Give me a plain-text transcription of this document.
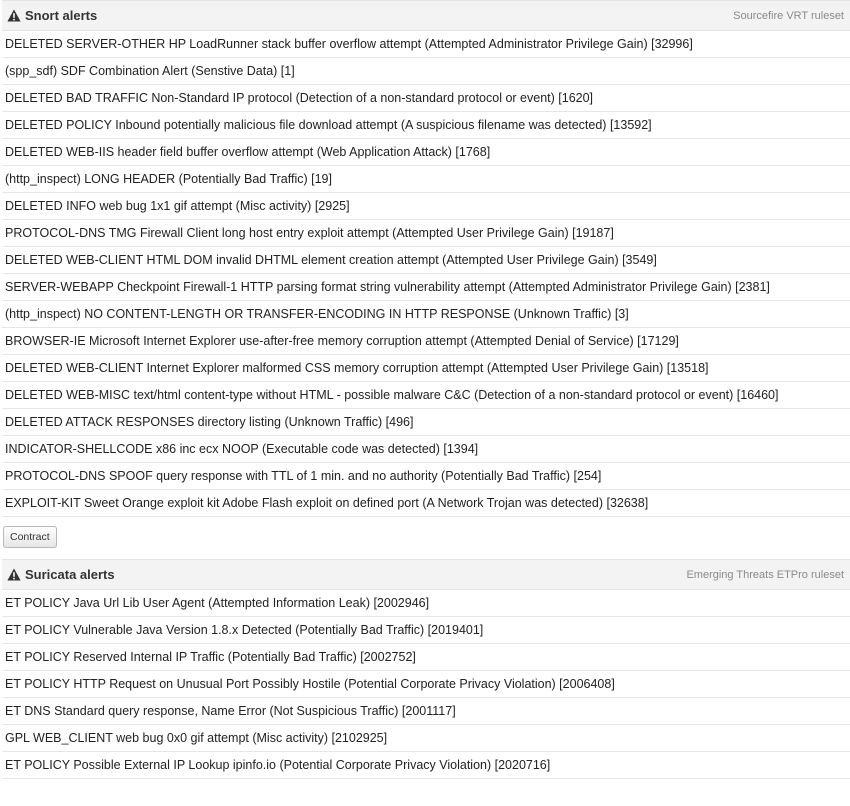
Snort alerts	Sourcefire VRT ruleset
DELETED SERVER-OTHER HP LoadRunner stack buffer overflow attempt (Attempted Administrator Privilege Gain) [32996]
(spp_sdf) SDF Combination Alert (Senstive Data) [1]
DELETED BAD TRAFFIC Non-Standard IP protocol (Detection of a non-standard protocol or event) [1620]
DELETED POLICY Inbound potentially malicious file download attempt (A suspicious filename was detected) [13592]
DELETED WEB-IIS header field buffer overflow attempt (Web Application Attack) [1768]
(http_inspect) LONG HEADER (Potentially Bad Traffic) [19]
DELETED INFO web bug 1x1 gif attempt (Misc activity) [2925]
PROTOCOL-DNS TMG Firewall Client long host entry exploit attempt (Attempted User Privilege Gain) [19187]
DELETED WEB-CLIENT HTML DOM invalid DHTML element creation attempt (Attempted User Privilege Gain) [3549]
SERVER-WEBAPP Checkpoint Firewall-1 HTTP parsing format string vulnerability attempt (Attempted Administrator Privilege Gain) [2381]
(http_inspect) NO CONTENT-LENGTH OR TRANSFER-ENCODING IN HTTP RESPONSE (Unknown Traffic) [3]
BROWSER-IE Microsoft Internet Explorer use-after-free memory corruption attempt (Attempted Denial of Service) [17129]
DELETED WEB-CLIENT Internet Explorer malformed CSS memory corruption attempt (Attempted User Privilege Gain) [13518]
DELETED WEB-MISC text/html content-type without HTML - possible malware C&C (Detection of a non-standard protocol or event) [16460]
DELETED ATTACK RESPONSES directory listing (Unknown Traffic) [496]
INDICATOR-SHELLCODE x86 inc ecx NOOP (Executable code was detected) [1394]
PROTOCOL-DNS SPOOF query response with TTL of 1 min. and no authority (Potentially Bad Traffic) [254]
EXPLOIT-KIT Sweet Orange exploit kit Adobe Flash exploit on defined port (A Network Trojan was detected) [32638]
Contract
Suricata alerts	Emerging Threats ETPro ruleset
ET POLICY Java Url Lib User Agent (Attempted Information Leak) [2002946]
ET POLICY Vulnerable Java Version 1.8.x Detected (Potentially Bad Traffic) [2019401]
ET POLICY Reserved Internal IP Traffic (Potentially Bad Traffic) [2002752]
ET POLICY HTTP Request on Unusual Port Possibly Hostile (Potential Corporate Privacy Violation) [2006408]
ET DNS Standard query response, Name Error (Not Suspicious Traffic) [2001117]
GPL WEB_CLIENT web bug 0x0 gif attempt (Misc activity) [2102925]
ET POLICY Possible External IP Lookup ipinfo.io (Potential Corporate Privacy Violation) [2020716]
